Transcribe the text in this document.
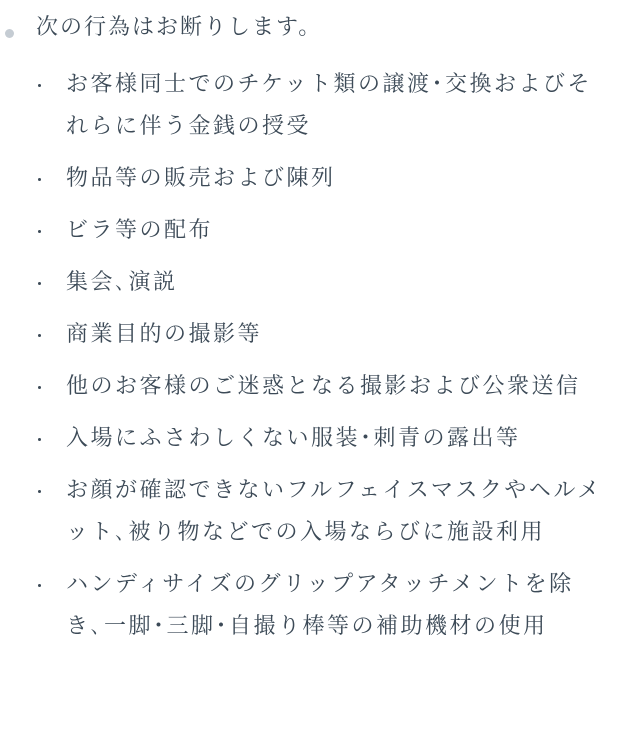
次の行為はお断りします。
お客様同士でのチケット類の譲渡･交換およびそれらに伴う金銭の授受
物品等の販売および陳列
ビラ等の配布
集会､演説
商業目的の撮影等
他のお客様のご迷惑となる撮影および公衆送信
入場にふさわしくない服装･刺青の露出等
お顔が確認できないフルフェイスマスクやヘルメット､被り物などでの入場ならびに施設利用
ハンディサイズのグリップアタッチメントを除き､一脚･三脚･自撮り棒等の補助機材の使用
